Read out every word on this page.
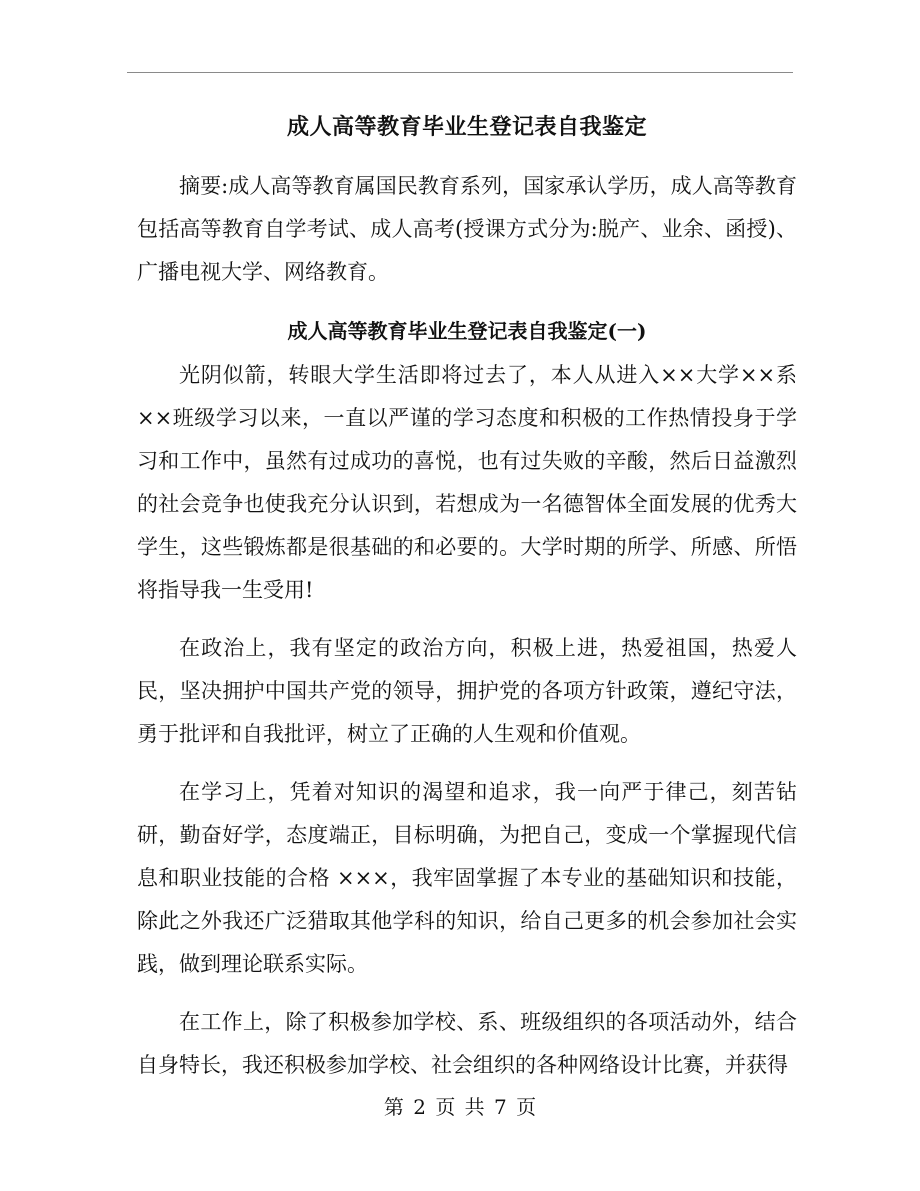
成人高等教育毕业生登记表自我鉴定

摘要:成人高等教育属国民教育系列，国家承认学历，成人高等教育包括高等教育自学考试、成人高考(授课方式分为:脱产、业余、函授)、广播电视大学、网络教育。

成人高等教育毕业生登记表自我鉴定(一)

光阴似箭，转眼大学生活即将过去了，本人从进入××大学××系××班级学习以来，一直以严谨的学习态度和积极的工作热情投身于学习和工作中，虽然有过成功的喜悦，也有过失败的辛酸，然后日益激烈的社会竞争也使我充分认识到，若想成为一名德智体全面发展的优秀大学生，这些锻炼都是很基础的和必要的。大学时期的所学、所感、所悟将指导我一生受用!

在政治上，我有坚定的政治方向，积极上进，热爱祖国，热爱人民，坚决拥护中国共产党的领导，拥护党的各项方针政策，遵纪守法，勇于批评和自我批评，树立了正确的人生观和价值观。

在学习上，凭着对知识的渴望和追求，我一向严于律己，刻苦钻研，勤奋好学，态度端正，目标明确，为把自己，变成一个掌握现代信息和职业技能的合格 ×××，我牢固掌握了本专业的基础知识和技能，除此之外我还广泛猎取其他学科的知识，给自己更多的机会参加社会实践，做到理论联系实际。

在工作上，除了积极参加学校、系、班级组织的各项活动外，结合自身特长，我还积极参加学校、社会组织的各种网络设计比赛，并获得

第 2 页 共 7 页
